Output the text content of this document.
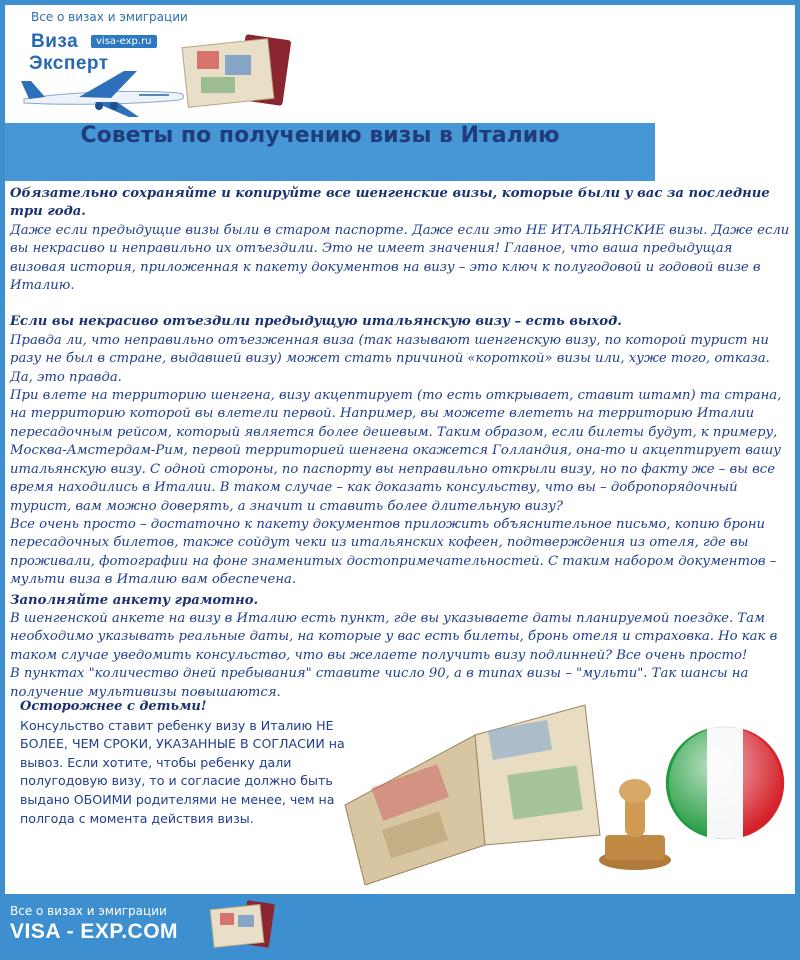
Все о визах и эмиграции
Виза	visa-exp.ru
Эксперт
Советы по получению визы в Италию

Обязательно сохраняйте и копируйте все шенгенские визы, которые были у вас за последние три года.

Даже если предыдущие визы были в старом паспорте. Даже если это НЕ ИТАЛЬЯНСКИЕ визы. Даже если вы некрасиво и неправильно их отъездили. Это не имеет значения! Главное, что ваша предыдущая визовая история, приложенная к пакету документов на визу – это ключ к полугодовой и годовой визе в Италию.

Если вы некрасиво отъездили предыдущую итальянскую визу – есть выход.

Правда ли, что неправильно отъезженная виза (так называют шенгенскую визу, по которой турист ни разу не был в стране, выдавшей визу) может стать причиной «короткой» визы или, хуже того, отказа. Да, это правда.

При влете на территорию шенгена, визу акцептирует (то есть открывает, ставит штамп) та страна, на территорию которой вы влетели первой. Например, вы можете влететь на территорию Италии пересадочным рейсом, который является более дешевым. Таким образом, если билеты будут, к примеру, Москва-Амстердам-Рим, первой территорией шенгена окажется Голландия, она-то и акцептирует вашу итальянскую визу. С одной стороны, по паспорту вы неправильно открыли визу, но по факту же – вы все время находились в Италии. В таком случае – как доказать консульству, что вы – добропорядочный турист, вам можно доверять, а значит и ставить более длительную визу?

Все очень просто – достаточно к пакету документов приложить объяснительное письмо, копию брони пересадочных билетов, также сойдут чеки из итальянских кофеен, подтверждения из отеля, где вы проживали, фотографии на фоне знаменитых достопримечательностей. С таким набором документов – мульти виза в Италию вам обеспечена.

Заполняйте анкету грамотно.

В шенгенской анкете на визу в Италию есть пункт, где вы указываете даты планируемой поездке. Там необходимо указывать реальные даты, на которые у вас есть билеты, бронь отеля и страховка. Но как в таком случае уведомить консульство, что вы желаете получить визу подлинней? Все очень просто!

В пунктах "количество дней пребывания" ставите число 90, а в типах визы – "мульти". Так шансы на получение мультивизы повышаются.

Осторожнее с детьми!

Консульство ставит ребенку визу в Италию НЕ БОЛЕЕ, ЧЕМ СРОКИ, УКАЗАННЫЕ В СОГЛАСИИ на вывоз. Если хотите, чтобы ребенку дали полугодовую визу, то и согласие должно быть выдано ОБОИМИ родителями не менее, чем на полгода с момента действия визы.

Все о визах и эмиграции
VISA - EXP.COM
